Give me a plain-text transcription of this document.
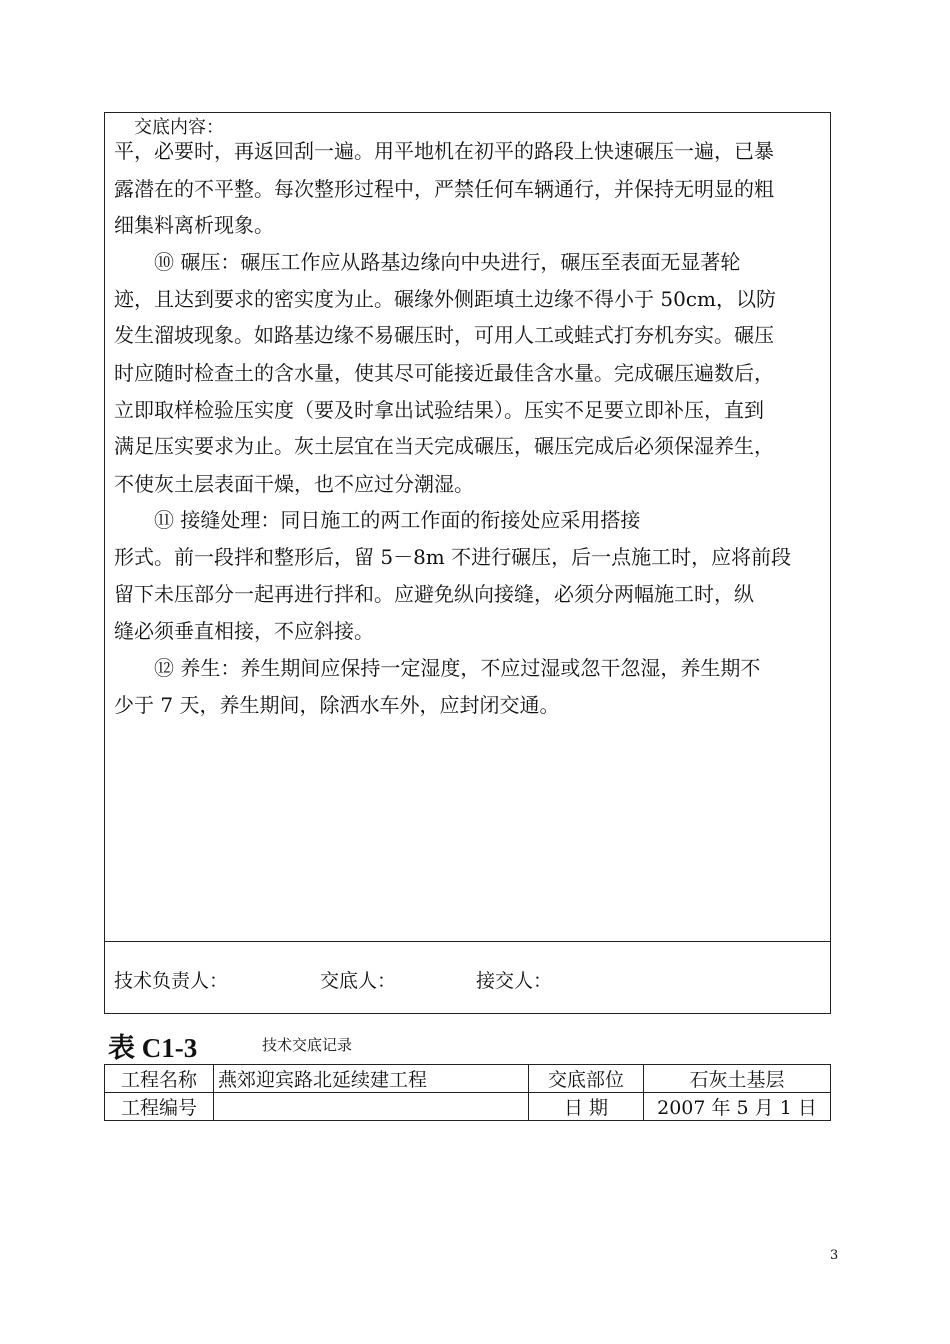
交底内容：
平，必要时，再返回刮一遍。用平地机在初平的路段上快速碾压一遍，已暴
露潜在的不平整。每次整形过程中，严禁任何车辆通行，并保持无明显的粗
细集料离析现象。
⑩ 碾压：碾压工作应从路基边缘向中央进行，碾压至表面无显著轮
迹，且达到要求的密实度为止。碾缘外侧距填土边缘不得小于 50cm，以防
发生溜坡现象。如路基边缘不易碾压时，可用人工或蛙式打夯机夯实。碾压
时应随时检查土的含水量，使其尽可能接近最佳含水量。完成碾压遍数后，
立即取样检验压实度（要及时拿出试验结果）。压实不足要立即补压，直到
满足压实要求为止。灰土层宜在当天完成碾压，碾压完成后必须保湿养生，
不使灰土层表面干燥，也不应过分潮湿。
⑪ 接缝处理：同日施工的两工作面的衔接处应采用搭接
形式。前一段拌和整形后，留 5－8m 不进行碾压，后一点施工时，应将前段
留下未压部分一起再进行拌和。应避免纵向接缝，必须分两幅施工时，纵
缝必须垂直相接，不应斜接。
⑫ 养生：养生期间应保持一定湿度，不应过湿或忽干忽湿，养生期不
少于 7 天，养生期间，除洒水车外，应封闭交通。
技术负责人：	交底人：	接交人：
表 C1-3	技术交底记录
工程名称	燕郊迎宾路北延续建工程	交底部位	石灰土基层
工程编号		日 期	2007 年 5 月 1 日
3
